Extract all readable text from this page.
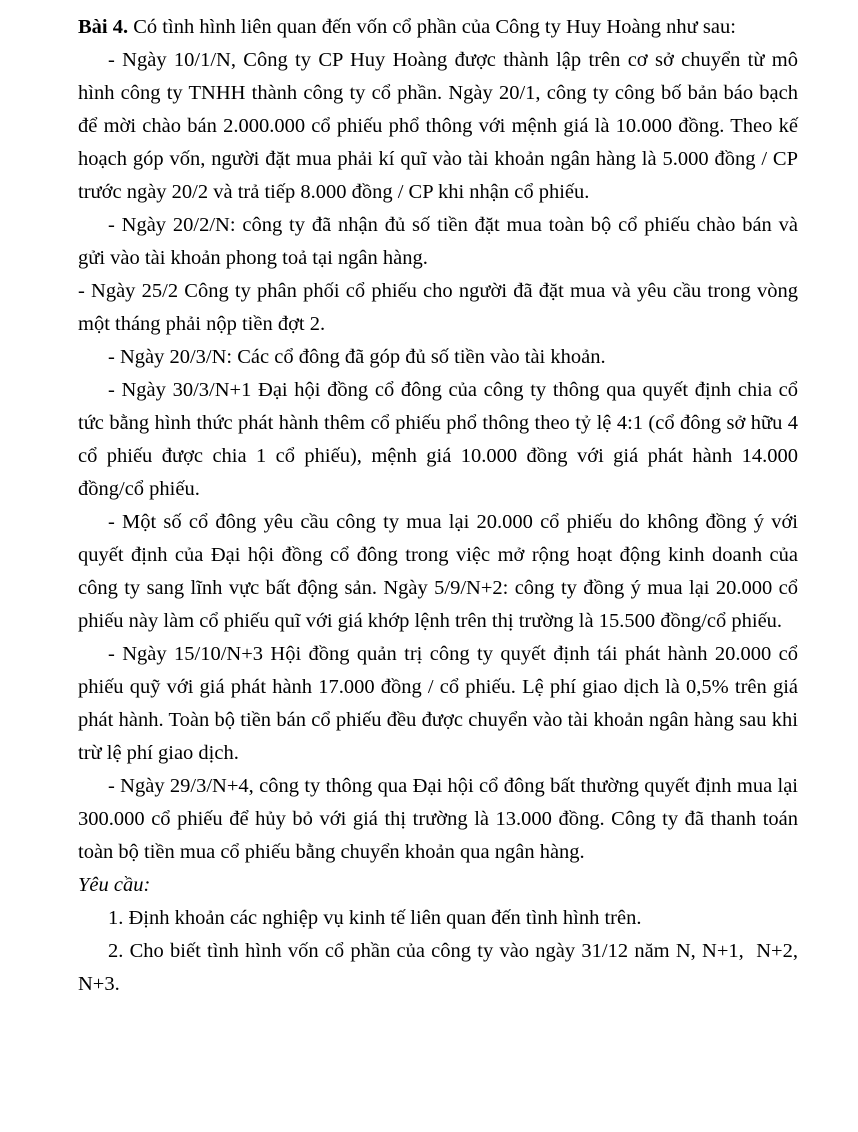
Bài 4. Có tình hình liên quan đến vốn cổ phần của Công ty Huy Hoàng như sau:

- Ngày 10/1/N, Công ty CP Huy Hoàng được thành lập trên cơ sở chuyển từ mô hình công ty TNHH thành công ty cổ phần. Ngày 20/1, công ty công bố bản báo bạch để mời chào bán 2.000.000 cổ phiếu phổ thông với mệnh giá là 10.000 đồng. Theo kế hoạch góp vốn, người đặt mua phải kí quĩ vào tài khoản ngân hàng là 5.000 đồng / CP trước ngày 20/2 và trả tiếp 8.000 đồng / CP khi nhận cổ phiếu.

- Ngày 20/2/N: công ty đã nhận đủ số tiền đặt mua toàn bộ cổ phiếu chào bán và gửi vào tài khoản phong toả tại ngân hàng.

- Ngày 25/2 Công ty phân phối cổ phiếu cho người đã đặt mua và yêu cầu trong vòng một tháng phải nộp tiền đợt 2.

- Ngày 20/3/N: Các cổ đông đã góp đủ số tiền vào tài khoản.

- Ngày 30/3/N+1 Đại hội đồng cổ đông của công ty thông qua quyết định chia cổ tức bằng hình thức phát hành thêm cổ phiếu phổ thông theo tỷ lệ 4:1 (cổ đông sở hữu 4 cổ phiếu được chia 1 cổ phiếu), mệnh giá 10.000 đồng với giá phát hành 14.000 đồng/cổ phiếu.

- Một số cổ đông yêu cầu công ty mua lại 20.000 cổ phiếu do không đồng ý với quyết định của Đại hội đồng cổ đông trong việc mở rộng hoạt động kinh doanh của công ty sang lĩnh vực bất động sản. Ngày 5/9/N+2: công ty đồng ý mua lại 20.000 cổ phiếu này làm cổ phiếu quĩ với giá khớp lệnh trên thị trường là 15.500 đồng/cổ phiếu.

- Ngày 15/10/N+3 Hội đồng quản trị công ty quyết định tái phát hành 20.000 cổ phiếu quỹ với giá phát hành 17.000 đồng / cổ phiếu. Lệ phí giao dịch là 0,5% trên giá phát hành. Toàn bộ tiền bán cổ phiếu đều được chuyển vào tài khoản ngân hàng sau khi trừ lệ phí giao dịch.

- Ngày 29/3/N+4, công ty thông qua Đại hội cổ đông bất thường quyết định mua lại 300.000 cổ phiếu để hủy bỏ với giá thị trường là 13.000 đồng. Công ty đã thanh toán toàn bộ tiền mua cổ phiếu bằng chuyển khoản qua ngân hàng.

Yêu cầu:

1. Định khoản các nghiệp vụ kinh tế liên quan đến tình hình trên.

2. Cho biết tình hình vốn cổ phần của công ty vào ngày 31/12 năm N, N+1,  N+2, N+3.
